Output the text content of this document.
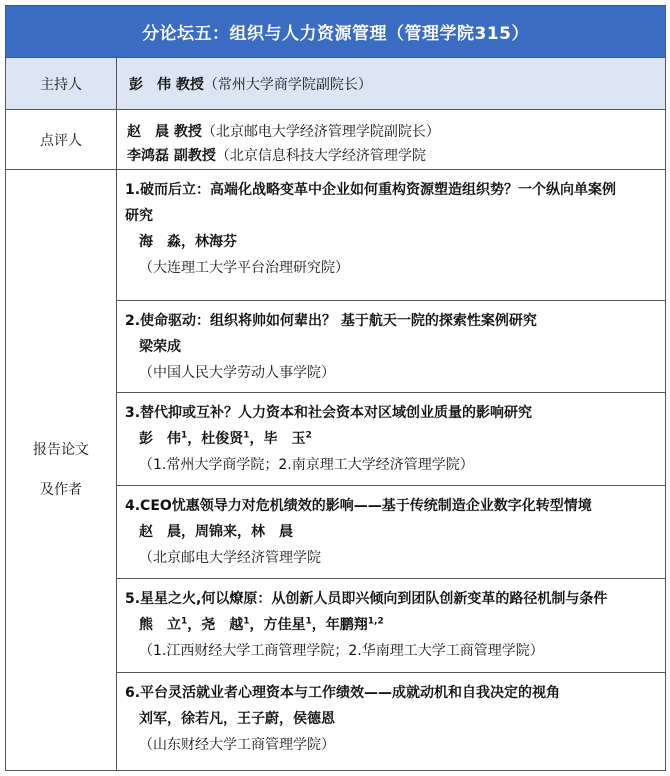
分论坛五：组织与人力资源管理（管理学院315）
主持人	彭　伟 教授 （常州大学商学院副院长）
点评人
赵　晨 教授（北京邮电大学经济管理学院副院长）
李鸿磊 副教授（北京信息科技大学经济管理学院
报告论文
及作者
1.破而后立：高端化战略变革中企业如何重构资源塑造组织势？一个纵向单案例
研究
海　淼，林海芬
（大连理工大学平台治理研究院）
2.使命驱动：组织将帅如何辈出？ 基于航天一院的探索性案例研究
梁荣成
（中国人民大学劳动人事学院）
3.替代抑或互补？人力资本和社会资本对区域创业质量的影响研究
彭　伟$^1$，杜俊贤$^1$，毕　玉$^2$
（1.常州大学商学院；2.南京理工大学经济管理学院）
4.CEO忧惠领导力对危机绩效的影响——基于传统制造企业数字化转型情境
赵　晨，周锦来，林　晨
（北京邮电大学经济管理学院
5.星星之火,何以燎原：从创新人员即兴倾向到团队创新变革的路径机制与条件
熊　立$^1$，尧　越$^1$，方佳星$^1$，年鹏翔$^{1,2}$
（1.江西财经大学工商管理学院；2.华南理工大学工商管理学院）
6.平台灵活就业者心理资本与工作绩效——成就动机和自我决定的视角
刘军，徐若凡，王子蔚，侯德恩
（山东财经大学工商管理学院）
